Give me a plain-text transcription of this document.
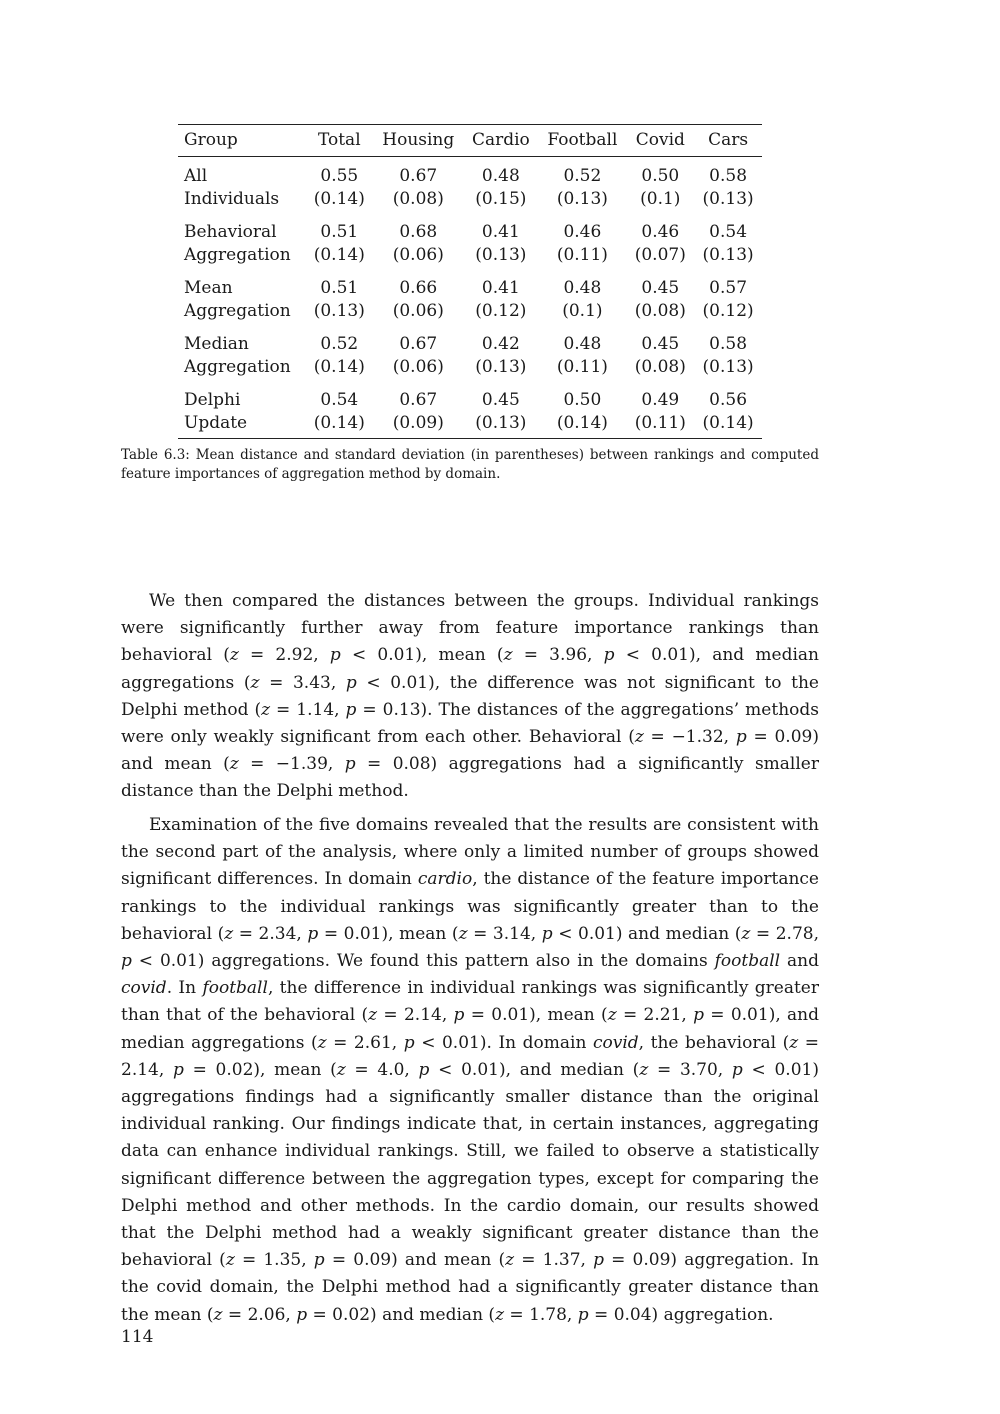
Group	Total	Housing	Cardio	Football	Covid	Cars
All	0.55	0.67	0.48	0.52	0.50	0.58
Individuals	(0.14)	(0.08)	(0.15)	(0.13)	(0.1)	(0.13)
Behavioral	0.51	0.68	0.41	0.46	0.46	0.54
Aggregation	(0.14)	(0.06)	(0.13)	(0.11)	(0.07)	(0.13)
Mean	0.51	0.66	0.41	0.48	0.45	0.57
Aggregation	(0.13)	(0.06)	(0.12)	(0.1)	(0.08)	(0.12)
Median	0.52	0.67	0.42	0.48	0.45	0.58
Aggregation	(0.14)	(0.06)	(0.13)	(0.11)	(0.08)	(0.13)
Delphi	0.54	0.67	0.45	0.50	0.49	0.56
Update	(0.14)	(0.09)	(0.13)	(0.14)	(0.11)	(0.14)
Table 6.3: Mean distance and standard deviation (in parentheses) between rankings and computed feature importances of aggregation method by domain.

We then compared the distances between the groups. Individual rankings were significantly further away from feature importance rankings than behavioral (z = 2.92, p < 0.01), mean (z = 3.96, p < 0.01), and median aggregations (z = 3.43, p < 0.01), the difference was not significant to the Delphi method (z = 1.14, p = 0.13). The distances of the aggregations’ methods were only weakly significant from each other. Behavioral (z = −1.32, p = 0.09) and mean (z = −1.39, p = 0.08) aggregations had a significantly smaller distance than the Delphi method.

Examination of the five domains revealed that the results are consistent with the second part of the analysis, where only a limited number of groups showed significant differences. In domain cardio, the distance of the feature importance rankings to the individual rankings was significantly greater than to the behavioral (z = 2.34, p = 0.01), mean (z = 3.14, p < 0.01) and median (z = 2.78, p < 0.01) aggregations. We found this pattern also in the domains football and covid. In football, the difference in individual rankings was significantly greater than that of the behavioral (z = 2.14, p = 0.01), mean (z = 2.21, p = 0.01), and median aggregations (z = 2.61, p < 0.01). In domain covid, the behavioral (z = 2.14, p = 0.02), mean (z = 4.0, p < 0.01), and median (z = 3.70, p < 0.01) aggregations findings had a significantly smaller distance than the original individual ranking. Our findings indicate that, in certain instances, aggregating data can enhance individual rankings. Still, we failed to observe a statistically significant difference between the aggregation types, except for comparing the Delphi method and other methods. In the cardio domain, our results showed that the Delphi method had a weakly significant greater distance than the behavioral (z = 1.35, p = 0.09) and mean (z = 1.37, p = 0.09) aggregation. In the covid domain, the Delphi method had a significantly greater distance than the mean (z = 2.06, p = 0.02) and median (z = 1.78, p = 0.04) aggregation.

114
